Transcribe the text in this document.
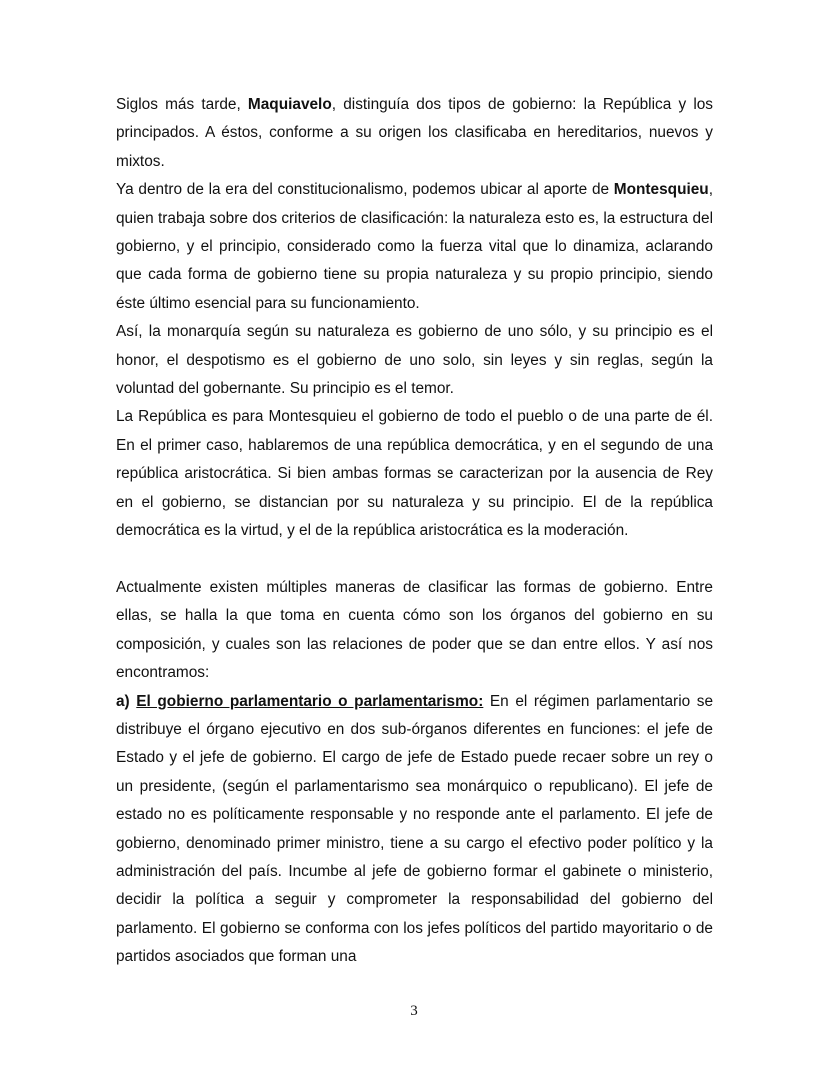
Siglos más tarde, Maquiavelo, distinguía dos tipos de gobierno: la República y los principados. A éstos, conforme a su origen los clasificaba en hereditarios, nuevos y mixtos.

Ya dentro de la era del constitucionalismo, podemos ubicar al aporte de Montesquieu, quien trabaja sobre dos criterios de clasificación: la naturaleza esto es, la estructura del gobierno, y el principio, considerado como la fuerza vital que lo dinamiza, aclarando que cada forma de gobierno tiene su propia naturaleza y su propio principio, siendo éste último esencial para su funcionamiento.

Así, la monarquía según su naturaleza es gobierno de uno sólo, y su principio es el honor, el despotismo es el gobierno de uno solo, sin leyes y sin reglas, según la voluntad del gobernante. Su principio es el temor.

La República es para Montesquieu el gobierno de todo el pueblo o de una parte de él. En el primer caso, hablaremos de una república democrática, y en el segundo de una república aristocrática. Si bien ambas formas se caracterizan por la ausencia de Rey en el gobierno, se distancian por su naturaleza y su principio. El de la república democrática es la virtud, y el de la república aristocrática es la moderación.

Actualmente existen múltiples maneras de clasificar las formas de gobierno. Entre ellas, se halla la que toma en cuenta cómo son los órganos del gobierno en su composición, y cuales son las relaciones de poder que se dan entre ellos. Y así nos encontramos:

a) El gobierno parlamentario o parlamentarismo: En el régimen parlamentario se distribuye el órgano ejecutivo en dos sub-órganos diferentes en funciones: el jefe de Estado y el jefe de gobierno. El cargo de jefe de Estado puede recaer sobre un rey o un presidente, (según el parlamentarismo sea monárquico o republicano). El jefe de estado no es políticamente responsable y no responde ante el parlamento. El jefe de gobierno, denominado primer ministro, tiene a su cargo el efectivo poder político y la administración del país. Incumbe al jefe de gobierno formar el gabinete o ministerio, decidir la política a seguir y comprometer la responsabilidad del gobierno del parlamento. El gobierno se conforma con los jefes políticos del partido mayoritario o de partidos asociados que forman una

3
